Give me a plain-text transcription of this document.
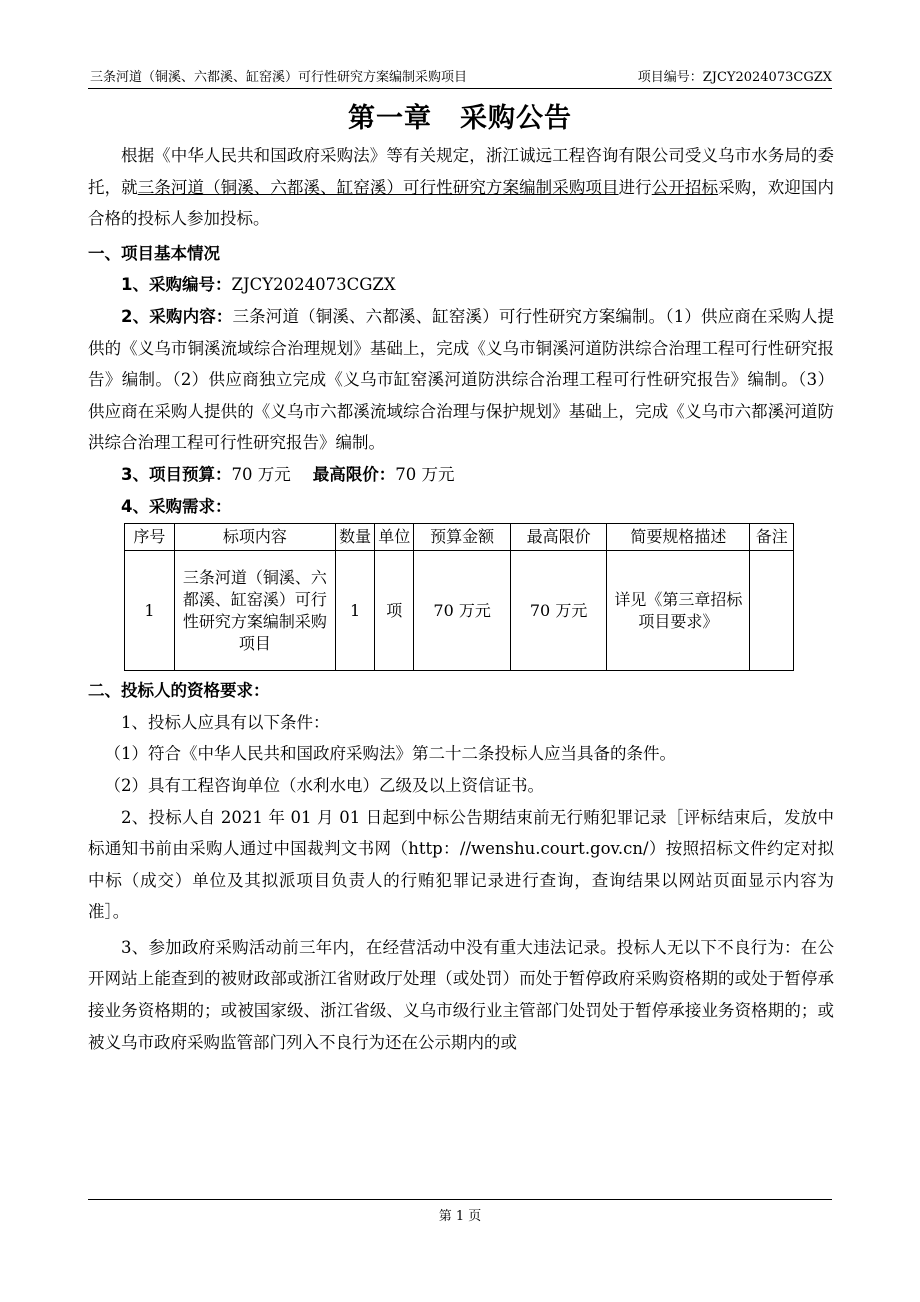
三条河道（铜溪、六都溪、缸窑溪）可行性研究方案编制采购项目	项目编号：ZJCY2024073CGZX
第一章 采购公告

根据《中华人民共和国政府采购法》等有关规定，浙江诚远工程咨询有限公司受义乌市水务局的委托，就三条河道（铜溪、六都溪、缸窑溪）可行性研究方案编制采购项目进行公开招标采购，欢迎国内合格的投标人参加投标。

一、项目基本情况

1、采购编号：ZJCY2024073CGZX

2、采购内容：三条河道（铜溪、六都溪、缸窑溪）可行性研究方案编制。（1）供应商在采购人提供的《义乌市铜溪流域综合治理规划》基础上，完成《义乌市铜溪河道防洪综合治理工程可行性研究报告》编制。（2）供应商独立完成《义乌市缸窑溪河道防洪综合治理工程可行性研究报告》编制。（3）供应商在采购人提供的《义乌市六都溪流域综合治理与保护规划》基础上，完成《义乌市六都溪河道防洪综合治理工程可行性研究报告》编制。

3、项目预算：70 万元 最高限价：70 万元

4、采购需求：

序号	标项内容	数量	单位	预算金额	最高限价	简要规格描述	备注
1	三条河道（铜溪、六都溪、缸窑溪）可行性研究方案编制采购项目	1	项	70 万元	70 万元	详见《第三章招标项目要求》	

二、投标人的资格要求：

1、投标人应具有以下条件：

（1）符合《中华人民共和国政府采购法》第二十二条投标人应当具备的条件。

（2）具有工程咨询单位（水利水电）乙级及以上资信证书。

2、投标人自 2021 年 01 月 01 日起到中标公告期结束前无行贿犯罪记录［评标结束后，发放中标通知书前由采购人通过中国裁判文书网（http：//wenshu.court.gov.cn/）按照招标文件约定对拟中标（成交）单位及其拟派项目负责人的行贿犯罪记录进行查询，查询结果以网站页面显示内容为准］。

3、参加政府采购活动前三年内，在经营活动中没有重大违法记录。投标人无以下不良行为：在公开网站上能查到的被财政部或浙江省财政厅处理（或处罚）而处于暂停政府采购资格期的或处于暂停承接业务资格期的；或被国家级、浙江省级、义乌市级行业主管部门处罚处于暂停承接业务资格期的；或被义乌市政府采购监管部门列入不良行为还在公示期内的或

第 1 页
